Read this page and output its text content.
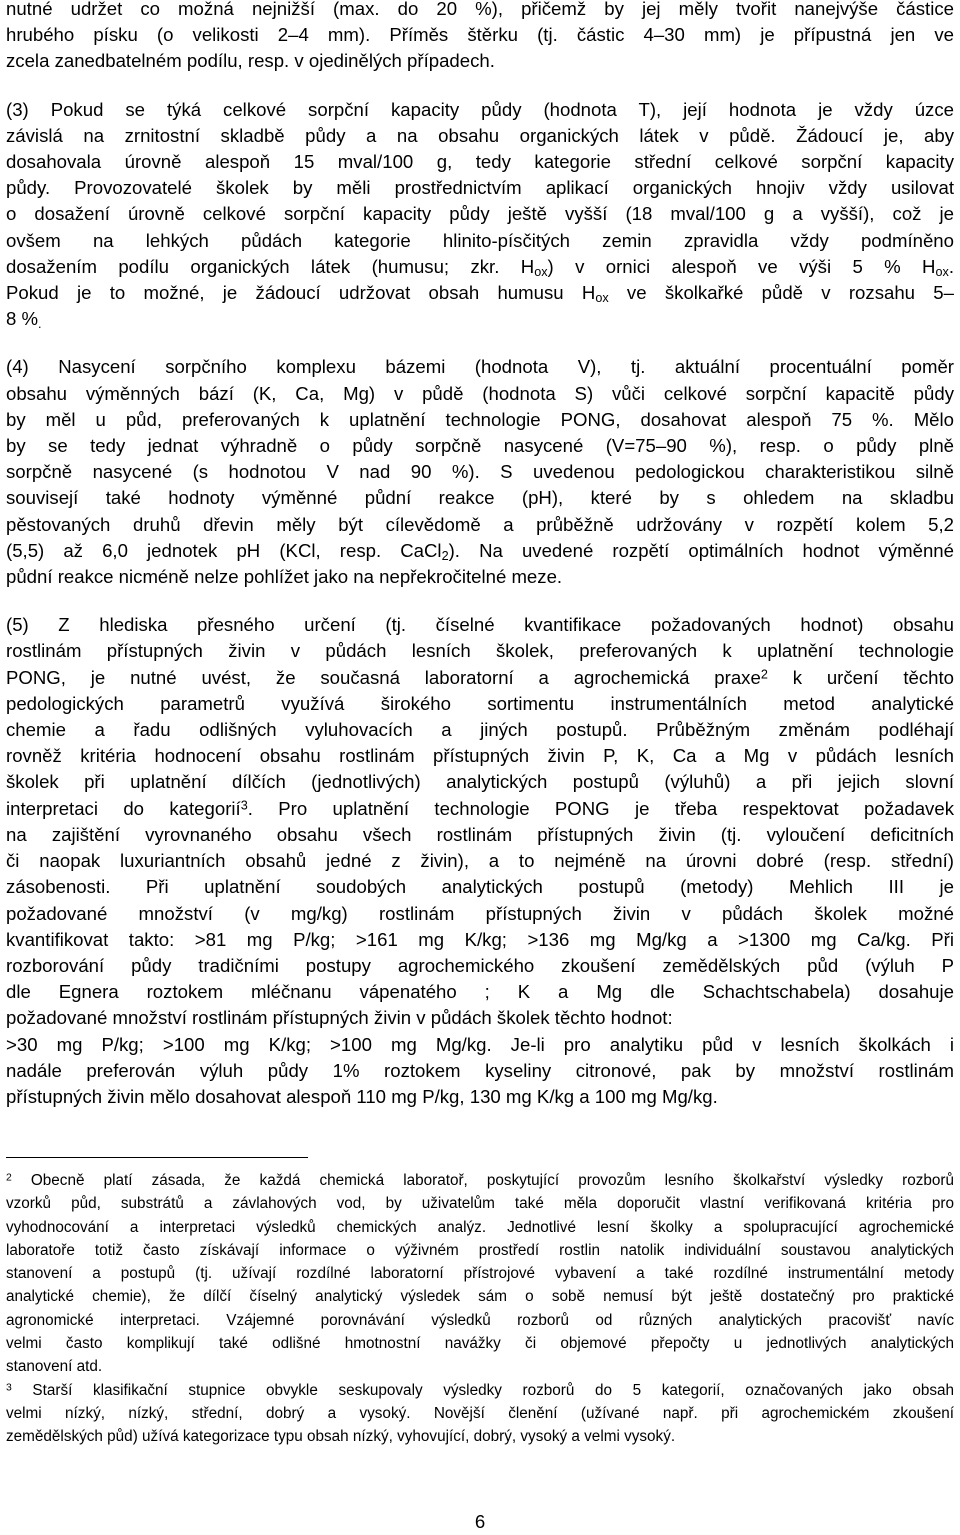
nutné udržet co možná nejnižší (max. do 20 %), přičemž by jej měly tvořit nanejvýše částice
hrubého písku (o velikosti 2–4 mm). Příměs štěrku (tj. částic 4–30 mm) je přípustná jen ve
zcela zanedbatelném podílu, resp. v ojedinělých případech.
(3) Pokud se týká celkové sorpční kapacity půdy (hodnota T), její hodnota je vždy úzce
závislá na zrnitostní skladbě půdy a na obsahu organických látek v půdě. Žádoucí je, aby
dosahovala úrovně alespoň 15 mval/100 g, tedy kategorie střední celkové sorpční kapacity
půdy. Provozovatelé školek by měli prostřednictvím aplikací organických hnojiv vždy usilovat
o dosažení úrovně celkové sorpční kapacity půdy ještě vyšší (18 mval/100 g a vyšší), což je
ovšem na lehkých půdách kategorie hlinito-písčitých zemin zpravidla vždy podmíněno
dosažením podílu organických látek (humusu; zkr. $H_{ox}$) v ornici alespoň ve výši 5 % $H_{ox}$.
Pokud je to možné, je žádoucí udržovat obsah humusu $H_{ox}$ ve školkařké půdě v rozsahu 5–
8 $\%_.$
(4) Nasycení sorpčního komplexu bázemi (hodnota V), tj. aktuální procentuální poměr
obsahu výměnných bází (K, Ca, Mg) v půdě (hodnota S) vůči celkové sorpční kapacitě půdy
by měl u půd, preferovaných k uplatnění technologie PONG, dosahovat alespoň 75 %. Mělo
by se tedy jednat výhradně o půdy sorpčně nasycené (V=75–90 %), resp. o půdy plně
sorpčně nasycené (s hodnotou V nad 90 %). S uvedenou pedologickou charakteristikou silně
souvisejí také hodnoty výměnné půdní reakce (pH), které by s ohledem na skladbu
pěstovaných druhů dřevin měly být cílevědomě a průběžně udržovány v rozpětí kolem 5,2
(5,5) až 6,0 jednotek pH (KCl, resp. CaCl$_2$). Na uvedené rozpětí optimálních hodnot výměnné
půdní reakce nicméně nelze pohlížet jako na nepřekročitelné meze.
(5) Z hlediska přesného určení (tj. číselné kvantifikace požadovaných hodnot) obsahu
rostlinám přístupných živin v půdách lesních školek, preferovaných k uplatnění technologie
PONG, je nutné uvést, že současná laboratorní a agrochemická praxe$^2$ k určení těchto
pedologických parametrů využívá širokého sortimentu instrumentálních metod analytické
chemie a řadu odlišných vyluhovacích a jiných postupů. Průběžným změnám podléhají
rovněž kritéria hodnocení obsahu rostlinám přístupných živin P, K, Ca a Mg v půdách lesních
školek při uplatnění dílčích (jednotlivých) analytických postupů (výluhů) a při jejich slovní
interpretaci do kategorií$^3$. Pro uplatnění technologie PONG je třeba respektovat požadavek
na zajištění vyrovnaného obsahu všech rostlinám přístupných živin (tj. vyloučení deficitních
či naopak luxuriantních obsahů jedné z živin), a to nejméně na úrovni dobré (resp. střední)
zásobenosti. Při uplatnění soudobých analytických postupů (metody) Mehlich III je
požadované množství (v mg/kg) rostlinám přístupných živin v půdách školek možné
kvantifikovat takto: >81 mg P/kg; >161 mg K/kg; >136 mg Mg/kg a >1300 mg Ca/kg. Při
rozborování půdy tradičními postupy agrochemického zkoušení zemědělských půd (výluh P
dle Egnera roztokem mléčnanu vápenatého ; K a Mg dle Schachtschabela) dosahuje
požadované množství rostlinám přístupných živin v půdách školek těchto hodnot:
>30 mg P/kg; >100 mg K/kg; >100 mg Mg/kg. Je-li pro analytiku půd v lesních školkách i
nadále preferován výluh půdy 1% roztokem kyseliny citronové, pak by množství rostlinám
přístupných živin mělo dosahovat alespoň 110 mg P/kg, 130 mg K/kg a 100 mg Mg/kg.
$^2$ Obecně platí zásada, že každá chemická laboratoř, poskytující provozům lesního školkařství výsledky rozborů
vzorků půd, substrátů a závlahových vod, by uživatelům také měla doporučit vlastní verifikovaná kritéria pro
vyhodnocování a interpretaci výsledků chemických analýz. Jednotlivé lesní školky a spolupracující agrochemické
laboratoře totiž často získávají informace o výživném prostředí rostlin natolik individuální soustavou analytických
stanovení a postupů (tj. užívají rozdílné laboratorní přístrojové vybavení a také rozdílné instrumentální metody
analytické chemie), že dílčí číselný analytický výsledek sám o sobě nemusí být ještě dostatečný pro praktické
agronomické interpretaci. Vzájemné porovnávání výsledků rozborů od různých analytických pracovišť navíc
velmi často komplikují také odlišné hmotnostní navážky či objemové přepočty u jednotlivých analytických
stanovení atd.
$^3$ Starší klasifikační stupnice obvykle seskupovaly výsledky rozborů do 5 kategorií, označovaných jako obsah
velmi nízký, nízký, střední, dobrý a vysoký. Novější členění (užívané např. při agrochemickém zkoušení
zemědělských půd) užívá kategorizace typu obsah nízký, vyhovující, dobrý, vysoký a velmi vysoký.
6
